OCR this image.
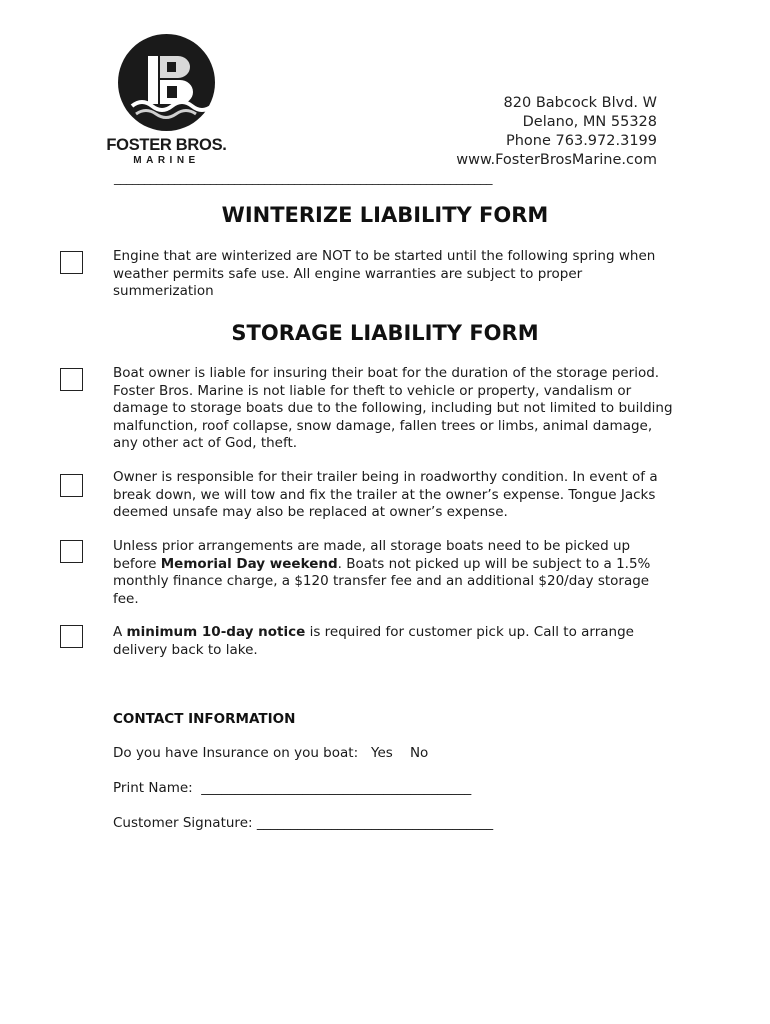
FOSTER BROS.
MARINE
820 Babcock Blvd. W
Delano, MN 55328
Phone 763.972.3199
www.FosterBrosMarine.com
_______________________________________________________________
WINTERIZE LIABILITY FORM
Engine that are winterized are NOT to be started until the following spring when weather permits safe use. All engine warranties are subject to proper summerization
STORAGE LIABILITY FORM
Boat owner is liable for insuring their boat for the duration of the storage period. Foster Bros. Marine is not liable for theft to vehicle or property, vandalism or damage to storage boats due to the following, including but not limited to building malfunction, roof collapse, snow damage, fallen trees or limbs, animal damage, any other act of God, theft.
Owner is responsible for their trailer being in roadworthy condition. In event of a break down, we will tow and fix the trailer at the owner’s expense. Tongue Jacks deemed unsafe may also be replaced at owner’s expense.
Unless prior arrangements are made, all storage boats need to be picked up before Memorial Day weekend. Boats not picked up will be subject to a 1.5% monthly finance charge, a $120 transfer fee and an additional $20/day storage fee.
A minimum 10-day notice is required for customer pick up. Call to arrange delivery back to lake.
CONTACT INFORMATION
Do you have Insurance on you boat:   Yes    No
Print Name:  ________________________________________
Customer Signature: ___________________________________
